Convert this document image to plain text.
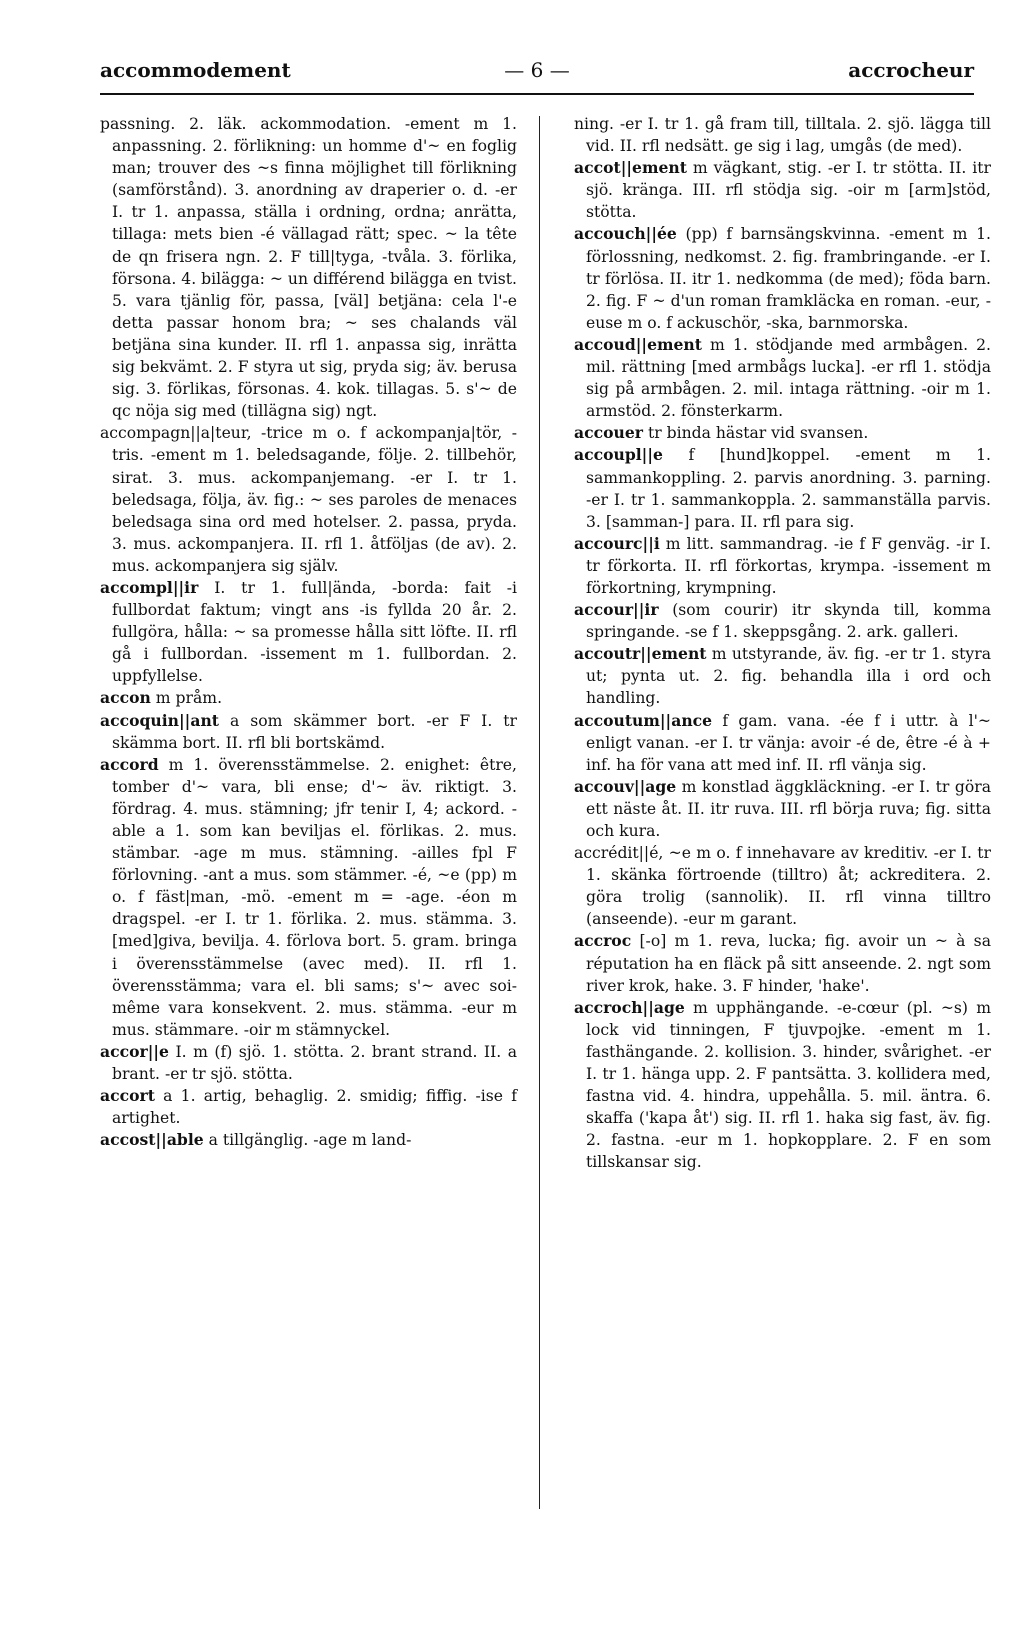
accommodement	— 6 —	accrocheur

passning. 2. läk. ackommodation. -ement m 1. anpassning. 2. förlikning: un homme d'~ en foglig man; trouver des ~s finna möjlighet till förlikning (samförstånd). 3. anordning av draperier o. d. -er I. tr 1. anpassa, ställa i ordning, ordna; anrätta, tillaga: mets bien -é vällagad rätt; spec. ~ la tête de qn frisera ngn. 2. F till|tyga, -tvåla. 3. förlika, försona. 4. bilägga: ~ un différend bilägga en tvist. 5. vara tjänlig för, passa, [väl] betjäna: cela l'-e detta passar honom bra; ~ ses chalands väl betjäna sina kunder. II. rfl 1. anpassa sig, inrätta sig bekvämt. 2. F styra ut sig, pryda sig; äv. berusa sig. 3. förlikas, försonas. 4. kok. tillagas. 5. s'~ de qc nöja sig med (tillägna sig) ngt.

accompagn||a|teur, -trice m o. f ackompanja|tör, -tris. -ement m 1. beledsagande, följe. 2. tillbehör, sirat. 3. mus. ackompanjemang. -er I. tr 1. beledsaga, följa, äv. fig.: ~ ses paroles de menaces beledsaga sina ord med hotelser. 2. passa, pryda. 3. mus. ackompanjera. II. rfl 1. åtföljas (de av). 2. mus. ackompanjera sig själv.

accompl||ir I. tr 1. full|ända, -borda: fait -i fullbordat faktum; vingt ans -is fyllda 20 år. 2. fullgöra, hålla: ~ sa promesse hålla sitt löfte. II. rfl gå i fullbordan. -issement m 1. fullbordan. 2. uppfyllelse.

accon m pråm.

accoquin||ant a som skämmer bort. -er F I. tr skämma bort. II. rfl bli bortskämd.

accord m 1. överensstämmelse. 2. enighet: être, tomber d'~ vara, bli ense; d'~ äv. riktigt. 3. fördrag. 4. mus. stämning; jfr tenir I, 4; ackord. -able a 1. som kan beviljas el. förlikas. 2. mus. stämbar. -age m mus. stämning. -ailles fpl F förlovning. -ant a mus. som stämmer. -é, ~e (pp) m o. f fäst|man, -mö. -ement m = -age. -éon m dragspel. -er I. tr 1. förlika. 2. mus. stämma. 3. [med]giva, bevilja. 4. förlova bort. 5. gram. bringa i överensstämmelse (avec med). II. rfl 1. överensstämma; vara el. bli sams; s'~ avec soi-même vara konsekvent. 2. mus. stämma. -eur m mus. stämmare. -oir m stämnyckel.

accor||e I. m (f) sjö. 1. stötta. 2. brant strand. II. a brant. -er tr sjö. stötta.

accort a 1. artig, behaglig. 2. smidig; fiffig. -ise f artighet.

accost||able a tillgänglig. -age m land-

ning. -er I. tr 1. gå fram till, tilltala. 2. sjö. lägga till vid. II. rfl nedsätt. ge sig i lag, umgås (de med).

accot||ement m vägkant, stig. -er I. tr stötta. II. itr sjö. kränga. III. rfl stödja sig. -oir m [arm]stöd, stötta.

accouch||ée (pp) f barnsängskvinna. -ement m 1. förlossning, nedkomst. 2. fig. frambringande. -er I. tr förlösa. II. itr 1. nedkomma (de med); föda barn. 2. fig. F ~ d'un roman framkläcka en roman. -eur, -euse m o. f ackuschör, -ska, barnmorska.

accoud||ement m 1. stödjande med armbågen. 2. mil. rättning [med armbågs lucka]. -er rfl 1. stödja sig på armbågen. 2. mil. intaga rättning. -oir m 1. armstöd. 2. fönsterkarm.

accouer tr binda hästar vid svansen.

accoupl||e f [hund]koppel. -ement m 1. sammankoppling. 2. parvis anordning. 3. parning. -er I. tr 1. sammankoppla. 2. sammanställa parvis. 3. [samman-] para. II. rfl para sig.

accourc||i m litt. sammandrag. -ie f F genväg. -ir I. tr förkorta. II. rfl förkortas, krympa. -issement m förkortning, krympning.

accour||ir (som courir) itr skynda till, komma springande. -se f 1. skeppsgång. 2. ark. galleri.

accoutr||ement m utstyrande, äv. fig. -er tr 1. styra ut; pynta ut. 2. fig. behandla illa i ord och handling.

accoutum||ance f gam. vana. -ée f i uttr. à l'~ enligt vanan. -er I. tr vänja: avoir -é de, être -é à + inf. ha för vana att med inf. II. rfl vänja sig.

accouv||age m konstlad äggkläckning. -er I. tr göra ett näste åt. II. itr ruva. III. rfl börja ruva; fig. sitta och kura.

accrédit||é, ~e m o. f innehavare av kreditiv. -er I. tr 1. skänka förtroende (tilltro) åt; ackreditera. 2. göra trolig (sannolik). II. rfl vinna tilltro (anseende). -eur m garant.

accroc [-o] m 1. reva, lucka; fig. avoir un ~ à sa réputation ha en fläck på sitt anseende. 2. ngt som river krok, hake. 3. F hinder, 'hake'.

accroch||age m upphängande. -e-cœur (pl. ~s) m lock vid tinningen, F tjuvpojke. -ement m 1. fasthängande. 2. kollision. 3. hinder, svårighet. -er I. tr 1. hänga upp. 2. F pantsätta. 3. kollidera med, fastna vid. 4. hindra, uppehålla. 5. mil. äntra. 6. skaffa ('kapa åt') sig. II. rfl 1. haka sig fast, äv. fig. 2. fastna. -eur m 1. hopkopplare. 2. F en som tillskansar sig.
